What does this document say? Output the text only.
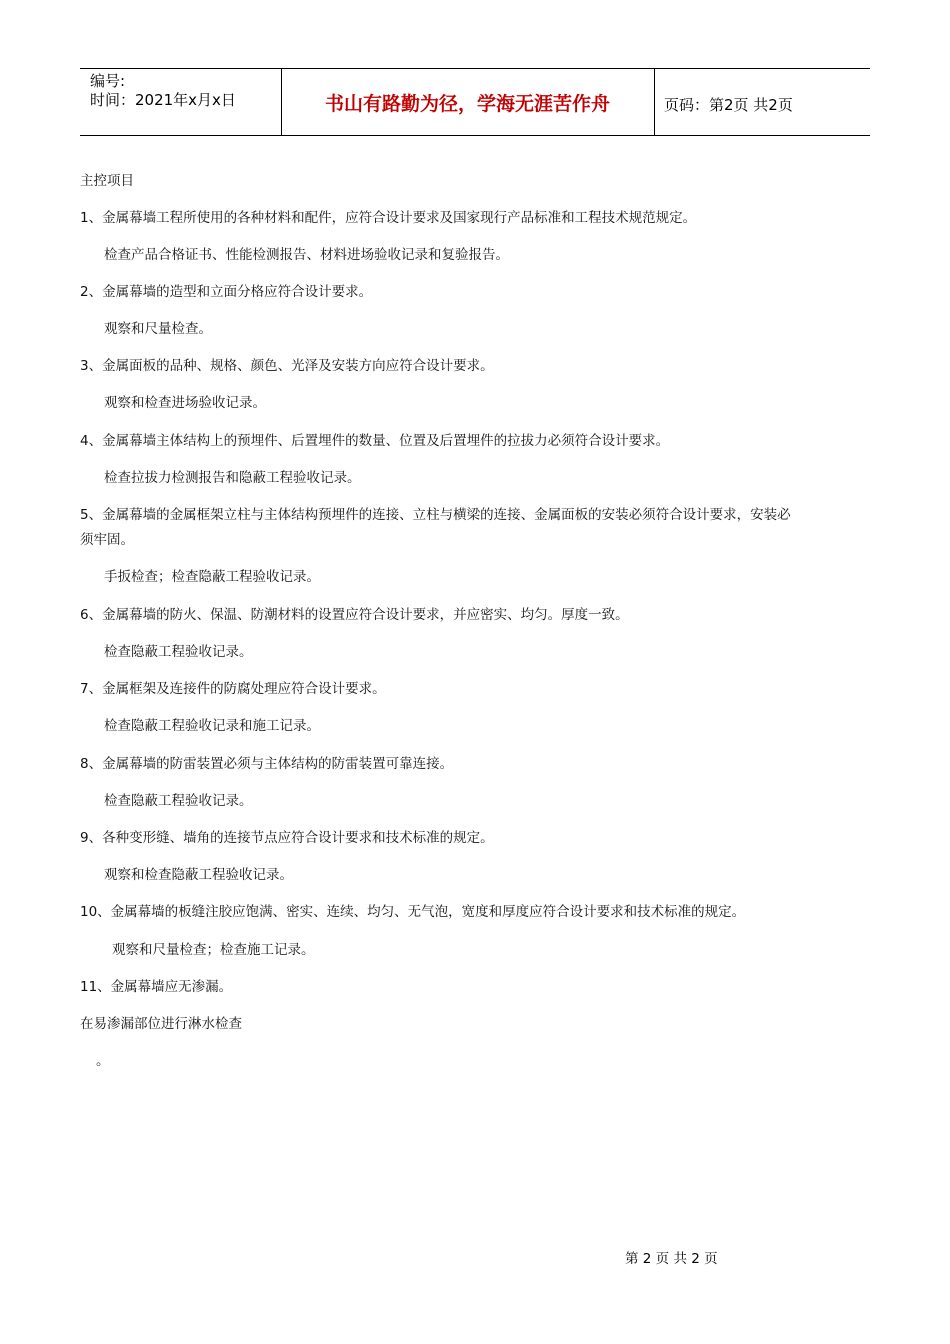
编号:
时间：2021年x月x日	书山有路勤为径，学海无涯苦作舟	页码：第2页 共2页
主控项目
1、金属幕墙工程所使用的各种材料和配件，应符合设计要求及国家现行产品标准和工程技术规范规定。
检查产品合格证书、性能检测报告、材料进场验收记录和复验报告。
2、金属幕墙的造型和立面分格应符合设计要求。
观察和尺量检查。
3、金属面板的品种、规格、颜色、光泽及安装方向应符合设计要求。
观察和检查进场验收记录。
4、金属幕墙主体结构上的预埋件、后置埋件的数量、位置及后置埋件的拉拔力必须符合设计要求。
检查拉拔力检测报告和隐蔽工程验收记录。
5、金属幕墙的金属框架立柱与主体结构预埋件的连接、立柱与横梁的连接、金属面板的安装必须符合设计要求，安装必
须牢固。
手扳检查；检查隐蔽工程验收记录。
6、金属幕墙的防火、保温、防潮材料的设置应符合设计要求，并应密实、均匀。厚度一致。
检查隐蔽工程验收记录。
7、金属框架及连接件的防腐处理应符合设计要求。
检查隐蔽工程验收记录和施工记录。
8、金属幕墙的防雷装置必须与主体结构的防雷装置可靠连接。
检查隐蔽工程验收记录。
9、各种变形缝、墙角的连接节点应符合设计要求和技术标准的规定。
观察和检查隐蔽工程验收记录。
10、金属幕墙的板缝注胶应饱满、密实、连续、均匀、无气泡，宽度和厚度应符合设计要求和技术标准的规定。
观察和尺量检查；检查施工记录。
11、金属幕墙应无渗漏。
在易渗漏部位进行淋水检查
。
第 2 页 共 2 页
